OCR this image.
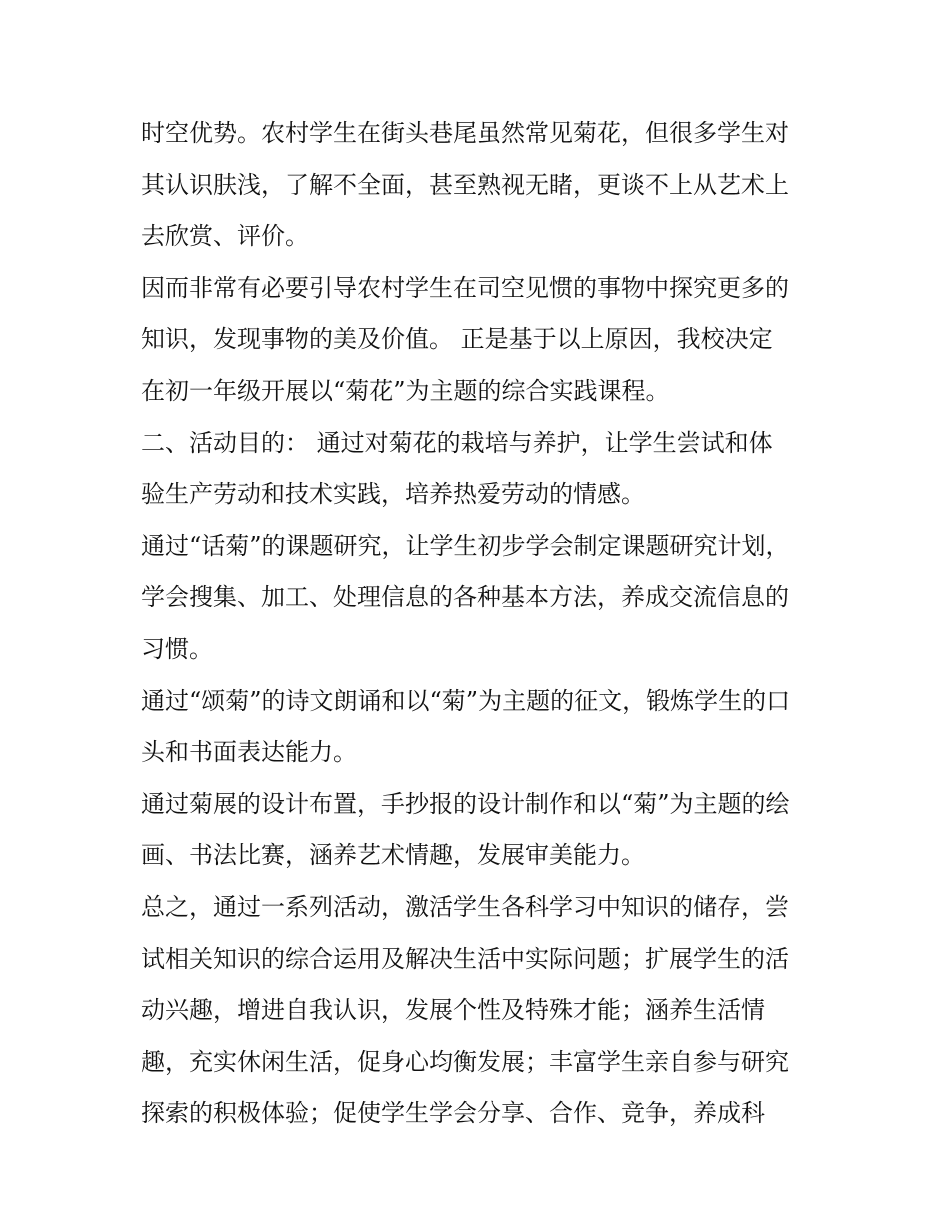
时空优势。农村学生在街头巷尾虽然常见菊花，但很多学生对
其认识肤浅，了解不全面，甚至熟视无睹，更谈不上从艺术上
去欣赏、评价。
因而非常有必要引导农村学生在司空见惯的事物中探究更多的
知识，发现事物的美及价值。 正是基于以上原因，我校决定
在初一年级开展以“菊花”为主题的综合实践课程。
二、活动目的： 通过对菊花的栽培与养护，让学生尝试和体
验生产劳动和技术实践，培养热爱劳动的情感。
通过“话菊”的课题研究，让学生初步学会制定课题研究计划，
学会搜集、加工、处理信息的各种基本方法，养成交流信息的
习惯。
通过“颂菊”的诗文朗诵和以“菊”为主题的征文，锻炼学生的口
头和书面表达能力。
通过菊展的设计布置，手抄报的设计制作和以“菊”为主题的绘
画、书法比赛，涵养艺术情趣，发展审美能力。
总之，通过一系列活动，激活学生各科学习中知识的储存，尝
试相关知识的综合运用及解决生活中实际问题；扩展学生的活
动兴趣，增进自我认识，发展个性及特殊才能；涵养生活情
趣，充实休闲生活，促身心均衡发展；丰富学生亲自参与研究
探索的积极体验；促使学生学会分享、合作、竞争，养成科
